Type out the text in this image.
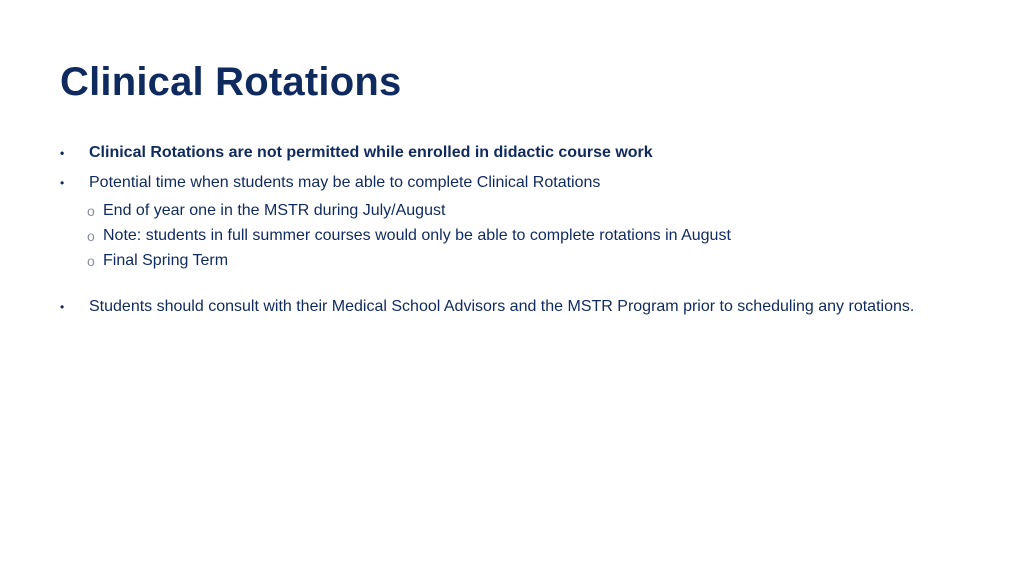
Clinical Rotations
• Clinical Rotations are not permitted while enrolled in didactic course work
• Potential time when students may be able to complete Clinical Rotations
o End of year one in the MSTR during July/August
o Note: students in full summer courses would only be able to complete rotations in August
o Final Spring Term
• Students should consult with their Medical School Advisors and the MSTR Program prior to scheduling any rotations.
